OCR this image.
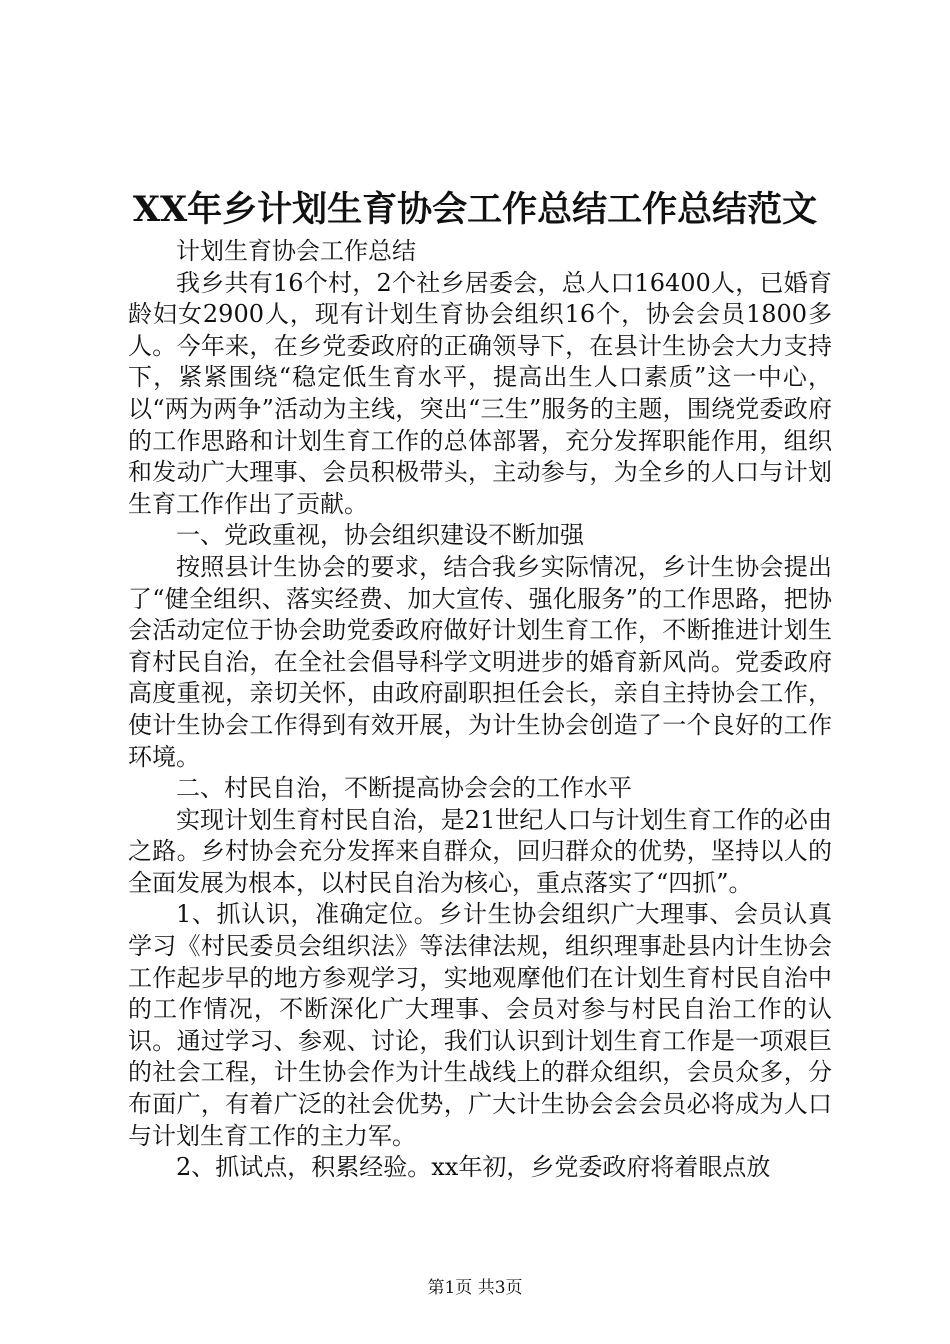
XX年乡计划生育协会工作总结工作总结范文

计划生育协会工作总结

我乡共有16个村，2个社乡居委会，总人口16400人，已婚育龄妇女2900人，现有计划生育协会组织16个，协会会员1800多人。今年来，在乡党委政府的正确领导下，在县计生协会大力支持下，紧紧围绕“稳定低生育水平，提高出生人口素质”这一中心，以“两为两争”活动为主线，突出“三生”服务的主题，围绕党委政府的工作思路和计划生育工作的总体部署，充分发挥职能作用，组织和发动广大理事、会员积极带头，主动参与，为全乡的人口与计划生育工作作出了贡献。

一、党政重视，协会组织建设不断加强

按照县计生协会的要求，结合我乡实际情况，乡计生协会提出了“健全组织、落实经费、加大宣传、强化服务”的工作思路，把协会活动定位于协会助党委政府做好计划生育工作，不断推进计划生育村民自治，在全社会倡导科学文明进步的婚育新风尚。党委政府高度重视，亲切关怀，由政府副职担任会长，亲自主持协会工作，使计生协会工作得到有效开展，为计生协会创造了一个良好的工作环境。

二、村民自治，不断提高协会会的工作水平

实现计划生育村民自治，是21世纪人口与计划生育工作的必由之路。乡村协会充分发挥来自群众，回归群众的优势，坚持以人的全面发展为根本，以村民自治为核心，重点落实了“四抓”。

1、抓认识，准确定位。乡计生协会组织广大理事、会员认真学习《村民委员会组织法》等法律法规，组织理事赴县内计生协会工作起步早的地方参观学习，实地观摩他们在计划生育村民自治中的工作情况，不断深化广大理事、会员对参与村民自治工作的认识。通过学习、参观、讨论，我们认识到计划生育工作是一项艰巨的社会工程，计生协会作为计生战线上的群众组织，会员众多，分布面广，有着广泛的社会优势，广大计生协会会会员必将成为人口与计划生育工作的主力军。

2、抓试点，积累经验。xx年初，乡党委政府将着眼点放

第1页 共3页
